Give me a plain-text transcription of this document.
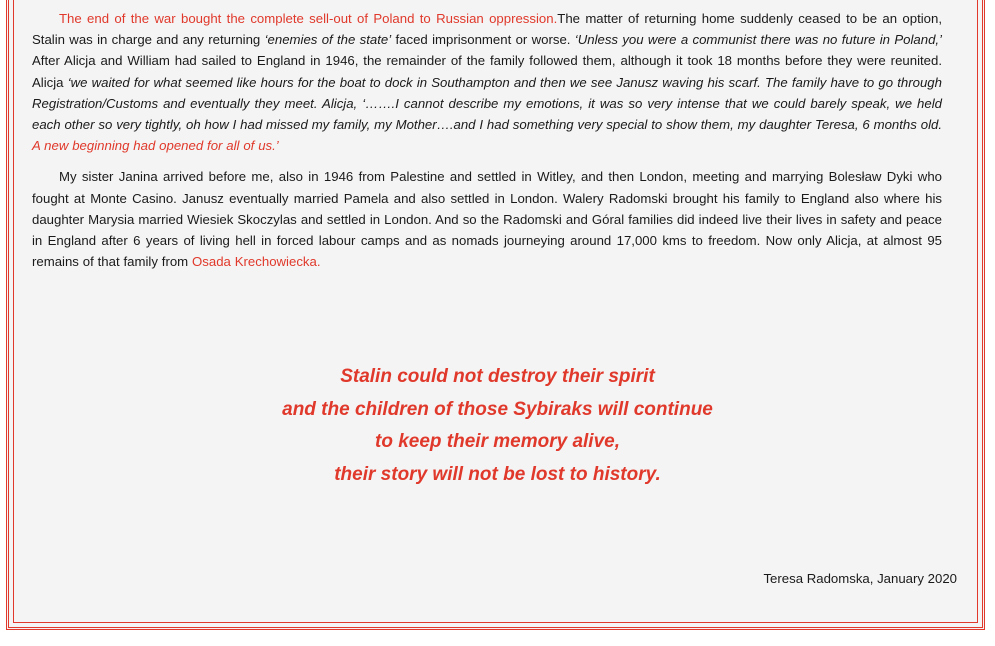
The end of the war bought the complete sell-out of Poland to Russian oppression.The matter of returning home suddenly ceased to be an option, Stalin was in charge and any returning ‘enemies of the state’ faced imprisonment or worse. ‘Unless you were a communist there was no future in Poland,’ After Alicja and William had sailed to England in 1946, the remainder of the family followed them, although it took 18 months before they were reunited. Alicja ‘we waited for what seemed like hours for the boat to dock in Southampton and then we see Janusz waving his scarf. The family have to go through Registration/Customs and eventually they meet. Alicja, ‘…….I cannot describe my emotions, it was so very intense that we could barely speak, we held each other so very tightly, oh how I had missed my family, my Mother….and I had something very special to show them, my daughter Teresa, 6 months old. A new beginning had opened for all of us.’

My sister Janina arrived before me, also in 1946 from Palestine and settled in Witley, and then London, meeting and marrying Bolesław Dyki who fought at Monte Casino. Janusz eventually married Pamela and also settled in London. Walery Radomski brought his family to England also where his daughter Marysia married Wiesiek Skoczylas and settled in London. And so the Radomski and Góral families did indeed live their lives in safety and peace in England after 6 years of living hell in forced labour camps and as nomads journeying around 17,000 kms to freedom. Now only Alicja, at almost 95 remains of that family from Osada Krechowiecka.

Stalin could not destroy their spirit
and the children of those Sybiraks will continue
to keep their memory alive,
their story will not be lost to history.
Teresa Radomska, January 2020
